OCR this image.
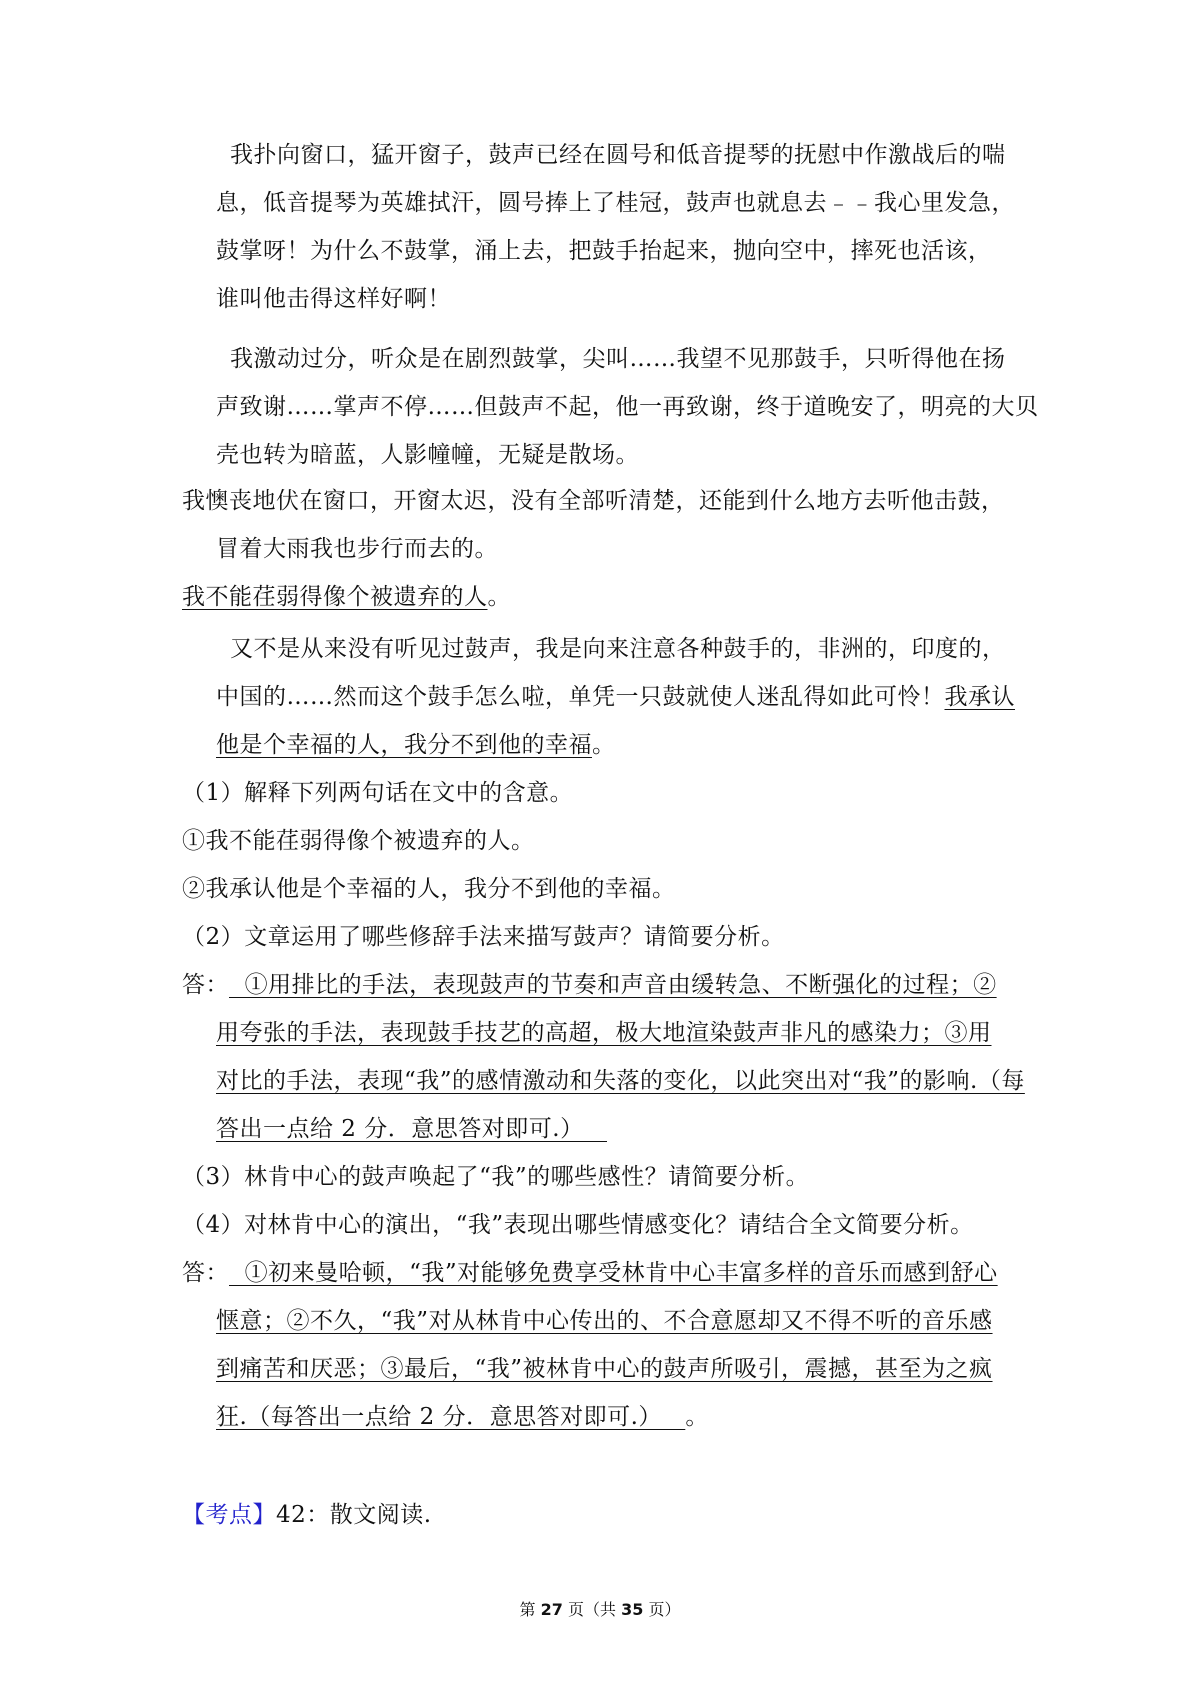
我扑向窗口，猛开窗子，鼓声已经在圆号和低音提琴的抚慰中作激战后的喘
息，低音提琴为英雄拭汗，圆号捧上了桂冠，鼓声也就息去﹣﹣我心里发急，
鼓掌呀！为什么不鼓掌，涌上去，把鼓手抬起来，抛向空中，摔死也活该，
谁叫他击得这样好啊！
我激动过分，听众是在剧烈鼓掌，尖叫……我望不见那鼓手，只听得他在扬
声致谢……掌声不停……但鼓声不起，他一再致谢，终于道晚安了，明亮的大贝
壳也转为暗蓝，人影幢幢，无疑是散场。
我懊丧地伏在窗口，开窗太迟，没有全部听清楚，还能到什么地方去听他击鼓，
冒着大雨我也步行而去的。
我不能荏弱得像个被遗弃的人。
又不是从来没有听见过鼓声，我是向来注意各种鼓手的，非洲的，印度的，
中国的……然而这个鼓手怎么啦，单凭一只鼓就使人迷乱得如此可怜！我承认
他是个幸福的人，我分不到他的幸福。
（1）解释下列两句话在文中的含意。
①我不能荏弱得像个被遗弃的人。
②我承认他是个幸福的人，我分不到他的幸福。
（2）文章运用了哪些修辞手法来描写鼓声？请简要分析。
答：  ①用排比的手法，表现鼓声的节奏和声音由缓转急、不断强化的过程；②
用夸张的手法，表现鼓手技艺的高超，极大地渲染鼓声非凡的感染力；③用
对比的手法，表现“我”的感情激动和失落的变化，以此突出对“我”的影响.（每
答出一点给 2 分．意思答对即可.）
（3）林肯中心的鼓声唤起了“我”的哪些感性？请简要分析。
（4）对林肯中心的演出，“我”表现出哪些情感变化？请结合全文简要分析。
答：  ①初来曼哈顿，“我”对能够免费享受林肯中心丰富多样的音乐而感到舒心
惬意；②不久，“我”对从林肯中心传出的、不合意愿却又不得不听的音乐感
到痛苦和厌恶；③最后，“我”被林肯中心的鼓声所吸引，震撼，甚至为之疯
狂.（每答出一点给 2 分．意思答对即可.）   。
【考点】42：散文阅读.
第 27 页（共 35 页）
